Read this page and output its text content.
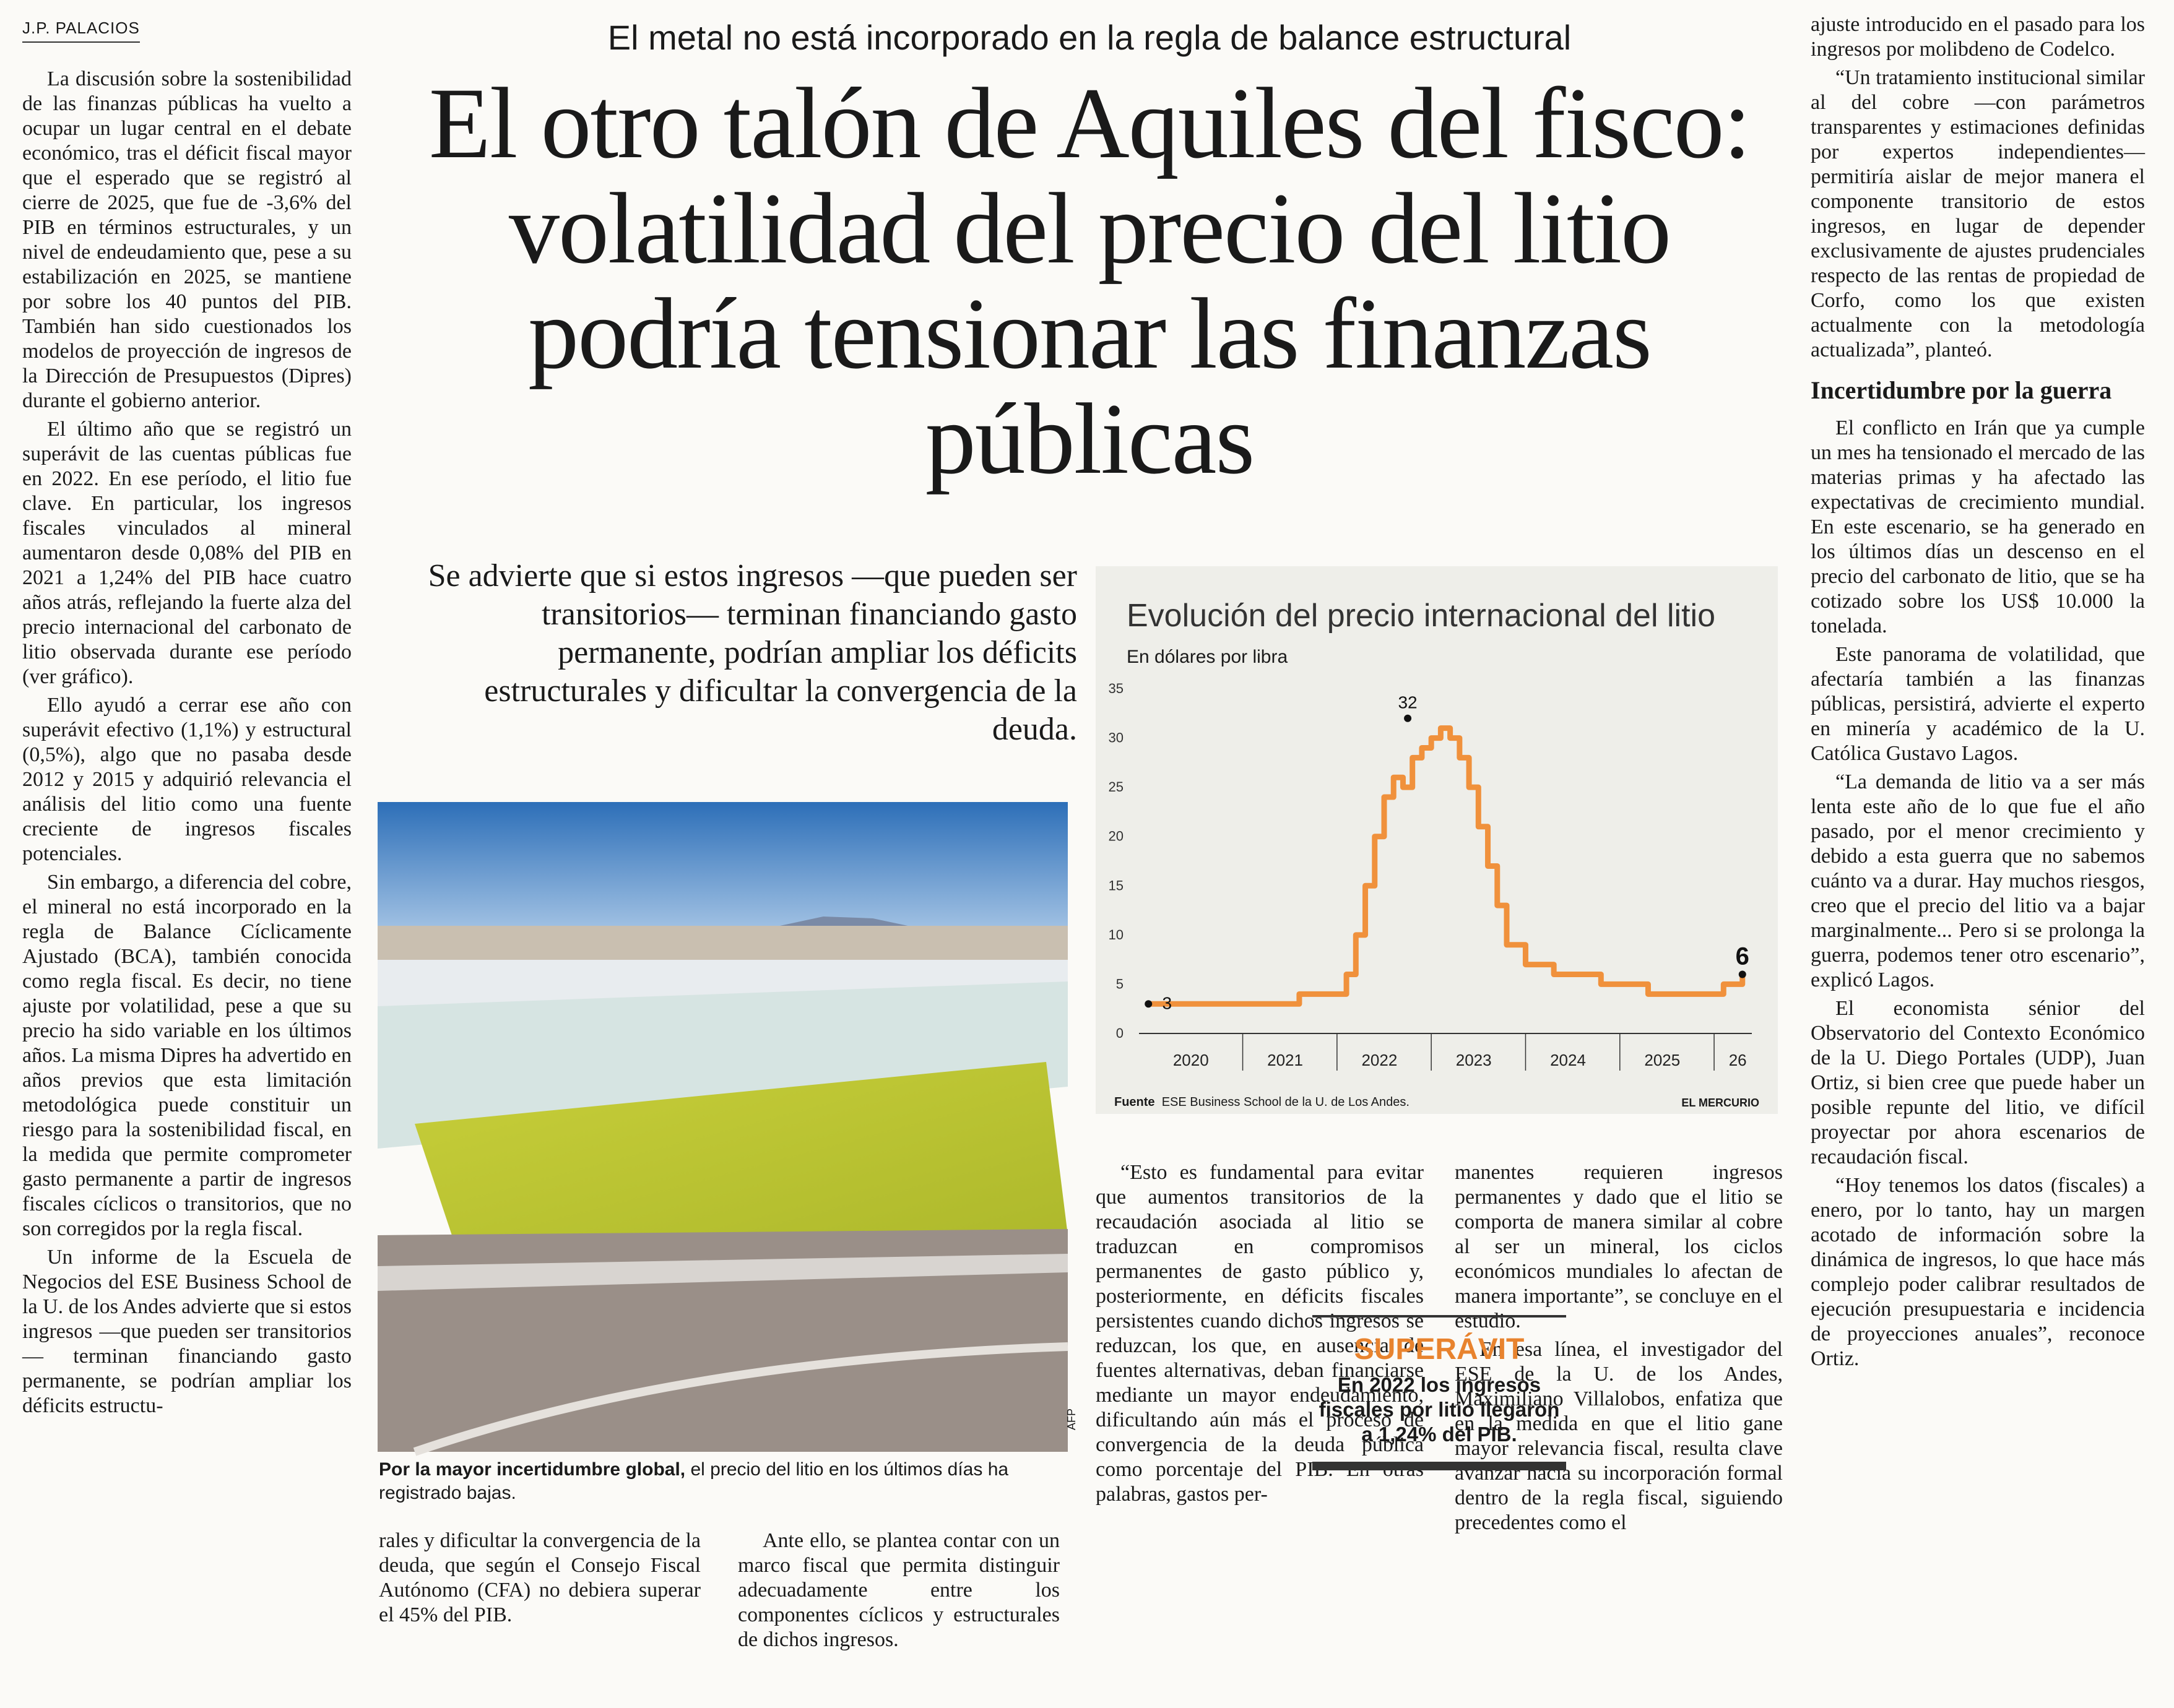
J.P. PALACIOS

La discusión sobre la sostenibilidad de las finanzas públicas ha vuelto a ocupar un lugar central en el debate económico, tras el déficit fiscal mayor que el esperado que se registró al cierre de 2025, que fue de -3,6% del PIB en términos estructurales, y un nivel de endeudamiento que, pese a su estabilización en 2025, se mantiene por sobre los 40 puntos del PIB. También han sido cuestionados los modelos de proyección de ingresos de la Dirección de Presupuestos (Dipres) durante el gobierno anterior.

El último año que se registró un superávit de las cuentas públicas fue en 2022. En ese período, el litio fue clave. En particular, los ingresos fiscales vinculados al mineral aumentaron desde 0,08% del PIB en 2021 a 1,24% del PIB hace cuatro años atrás, reflejando la fuerte alza del precio internacional del carbonato de litio observada durante ese período (ver gráfico).

Ello ayudó a cerrar ese año con superávit efectivo (1,1%) y estructural (0,5%), algo que no pasaba desde 2012 y 2015 y adquirió relevancia el análisis del litio como una fuente creciente de ingresos fiscales potenciales.

Sin embargo, a diferencia del cobre, el mineral no está incorporado en la regla de Balance Cíclicamente Ajustado (BCA), también conocida como regla fiscal. Es decir, no tiene ajuste por volatilidad, pese a que su precio ha sido variable en los últimos años. La misma Dipres ha advertido en años previos que esta limitación metodológica puede constituir un riesgo para la sostenibilidad fiscal, en la medida que permite comprometer gasto permanente a partir de ingresos fiscales cíclicos o transitorios, que no son corregidos por la regla fiscal.

Un informe de la Escuela de Negocios del ESE Business School de la U. de los Andes advierte que si estos ingresos —que pueden ser transitorios— terminan financiando gasto permanente, se podrían ampliar los déficits estructu-

El metal no está incorporado en la regla de balance estructural
El otro talón de Aquiles del fisco: volatilidad del precio del litio podría tensionar las finanzas públicas
Se advierte que si estos ingresos —que pueden ser transitorios— terminan financiando gasto permanente, podrían ampliar los déficits estructurales y dificultar la convergencia de la deuda.
Evolución del precio internacional del litio
En dólares por libra
0
5
10
15
20
25
30
35
2020	2021	2022	2023	2024	2025	26
3
32
6
Fuente ESE Business School de la U. de Los Andes.	EL MERCURIO
AFP
Por la mayor incertidumbre global, el precio del litio en los últimos días ha registrado bajas.

rales y dificultar la convergencia de la deuda, que según el Consejo Fiscal Autónomo (CFA) no debiera superar el 45% del PIB.

Ante ello, se plantea contar con un marco fiscal que permita distinguir adecuadamente entre los componentes cíclicos y estructurales de dichos ingresos.

“Esto es fundamental para evitar que aumentos transitorios de la recaudación asociada al litio se traduzcan en compromisos permanentes de gasto público y, posteriormente, en déficits fiscales persistentes cuando dichos ingresos se reduzcan, los que, en ausencia de fuentes alternativas, deban financiarse mediante un mayor endeudamiento, dificultando aún más el proceso de convergencia de la deuda pública como porcentaje del PIB. En otras palabras, gastos per-

manentes requieren ingresos permanentes y dado que el litio se comporta de manera similar al cobre al ser un mineral, los ciclos económicos mundiales lo afectan de manera importante”, se concluye en el estudio.

En esa línea, el investigador del ESE de la U. de los Andes, Maximiliano Villalobos, enfatiza que en la medida en que el litio gane mayor relevancia fiscal, resulta clave avanzar hacia su incorporación formal dentro de la regla fiscal, siguiendo precedentes como el

SUPERÁVIT
En 2022 los ingresos fiscales por litio llegaron a 1,24% del PIB.

ajuste introducido en el pasado para los ingresos por molibdeno de Codelco.

“Un tratamiento institucional similar al del cobre —con parámetros transparentes y estimaciones definidas por expertos independientes— permitiría aislar de mejor manera el componente transitorio de estos ingresos, en lugar de depender exclusivamente de ajustes prudenciales respecto de las rentas de propiedad de Corfo, como los que existen actualmente con la metodología actualizada”, planteó.

Incertidumbre por la guerra

El conflicto en Irán que ya cumple un mes ha tensionado el mercado de las materias primas y ha afectado las expectativas de crecimiento mundial. En este escenario, se ha generado en los últimos días un descenso en el precio del carbonato de litio, que se ha cotizado sobre los US$ 10.000 la tonelada.

Este panorama de volatilidad, que afectaría también a las finanzas públicas, persistirá, advierte el experto en minería y académico de la U. Católica Gustavo Lagos.

“La demanda de litio va a ser más lenta este año de lo que fue el año pasado, por el menor crecimiento y debido a esta guerra que no sabemos cuánto va a durar. Hay muchos riesgos, creo que el precio del litio va a bajar marginalmente... Pero si se prolonga la guerra, podemos tener otro escenario”, explicó Lagos.

El economista sénior del Observatorio del Contexto Económico de la U. Diego Portales (UDP), Juan Ortiz, si bien cree que puede haber un posible repunte del litio, ve difícil proyectar por ahora escenarios de recaudación fiscal.

“Hoy tenemos los datos (fiscales) a enero, por lo tanto, hay un margen acotado de información sobre la dinámica de ingresos, lo que hace más complejo poder calibrar resultados de ejecución presupuestaria e incidencia de proyecciones anuales”, reconoce Ortiz.
